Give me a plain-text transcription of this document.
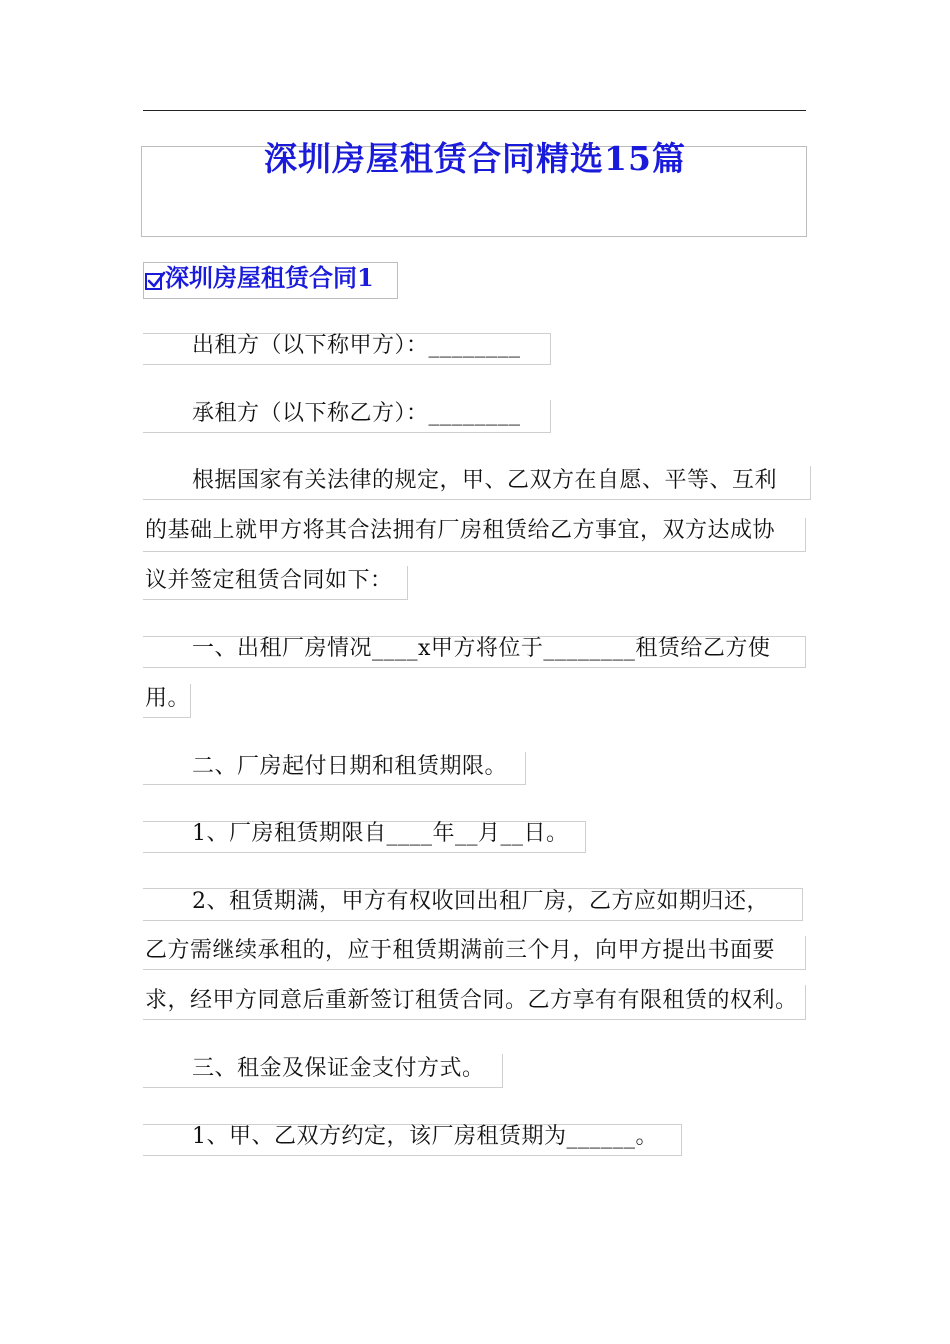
深圳房屋租赁合同精选15篇
深圳房屋租赁合同1
出租方（以下称甲方）：________
承租方（以下称乙方）：________
根据国家有关法律的规定，甲、乙双方在自愿、平等、互利
的基础上就甲方将其合法拥有厂房租赁给乙方事宜，双方达成协
议并签定租赁合同如下：
一、出租厂房情况____x甲方将位于________租赁给乙方使
用。
二、厂房起付日期和租赁期限。
1、厂房租赁期限自____年__月__日。
2、租赁期满，甲方有权收回出租厂房，乙方应如期归还，
乙方需继续承租的，应于租赁期满前三个月，向甲方提出书面要
求，经甲方同意后重新签订租赁合同。乙方享有有限租赁的权利。
三、租金及保证金支付方式。
1、甲、乙双方约定，该厂房租赁期为______。
